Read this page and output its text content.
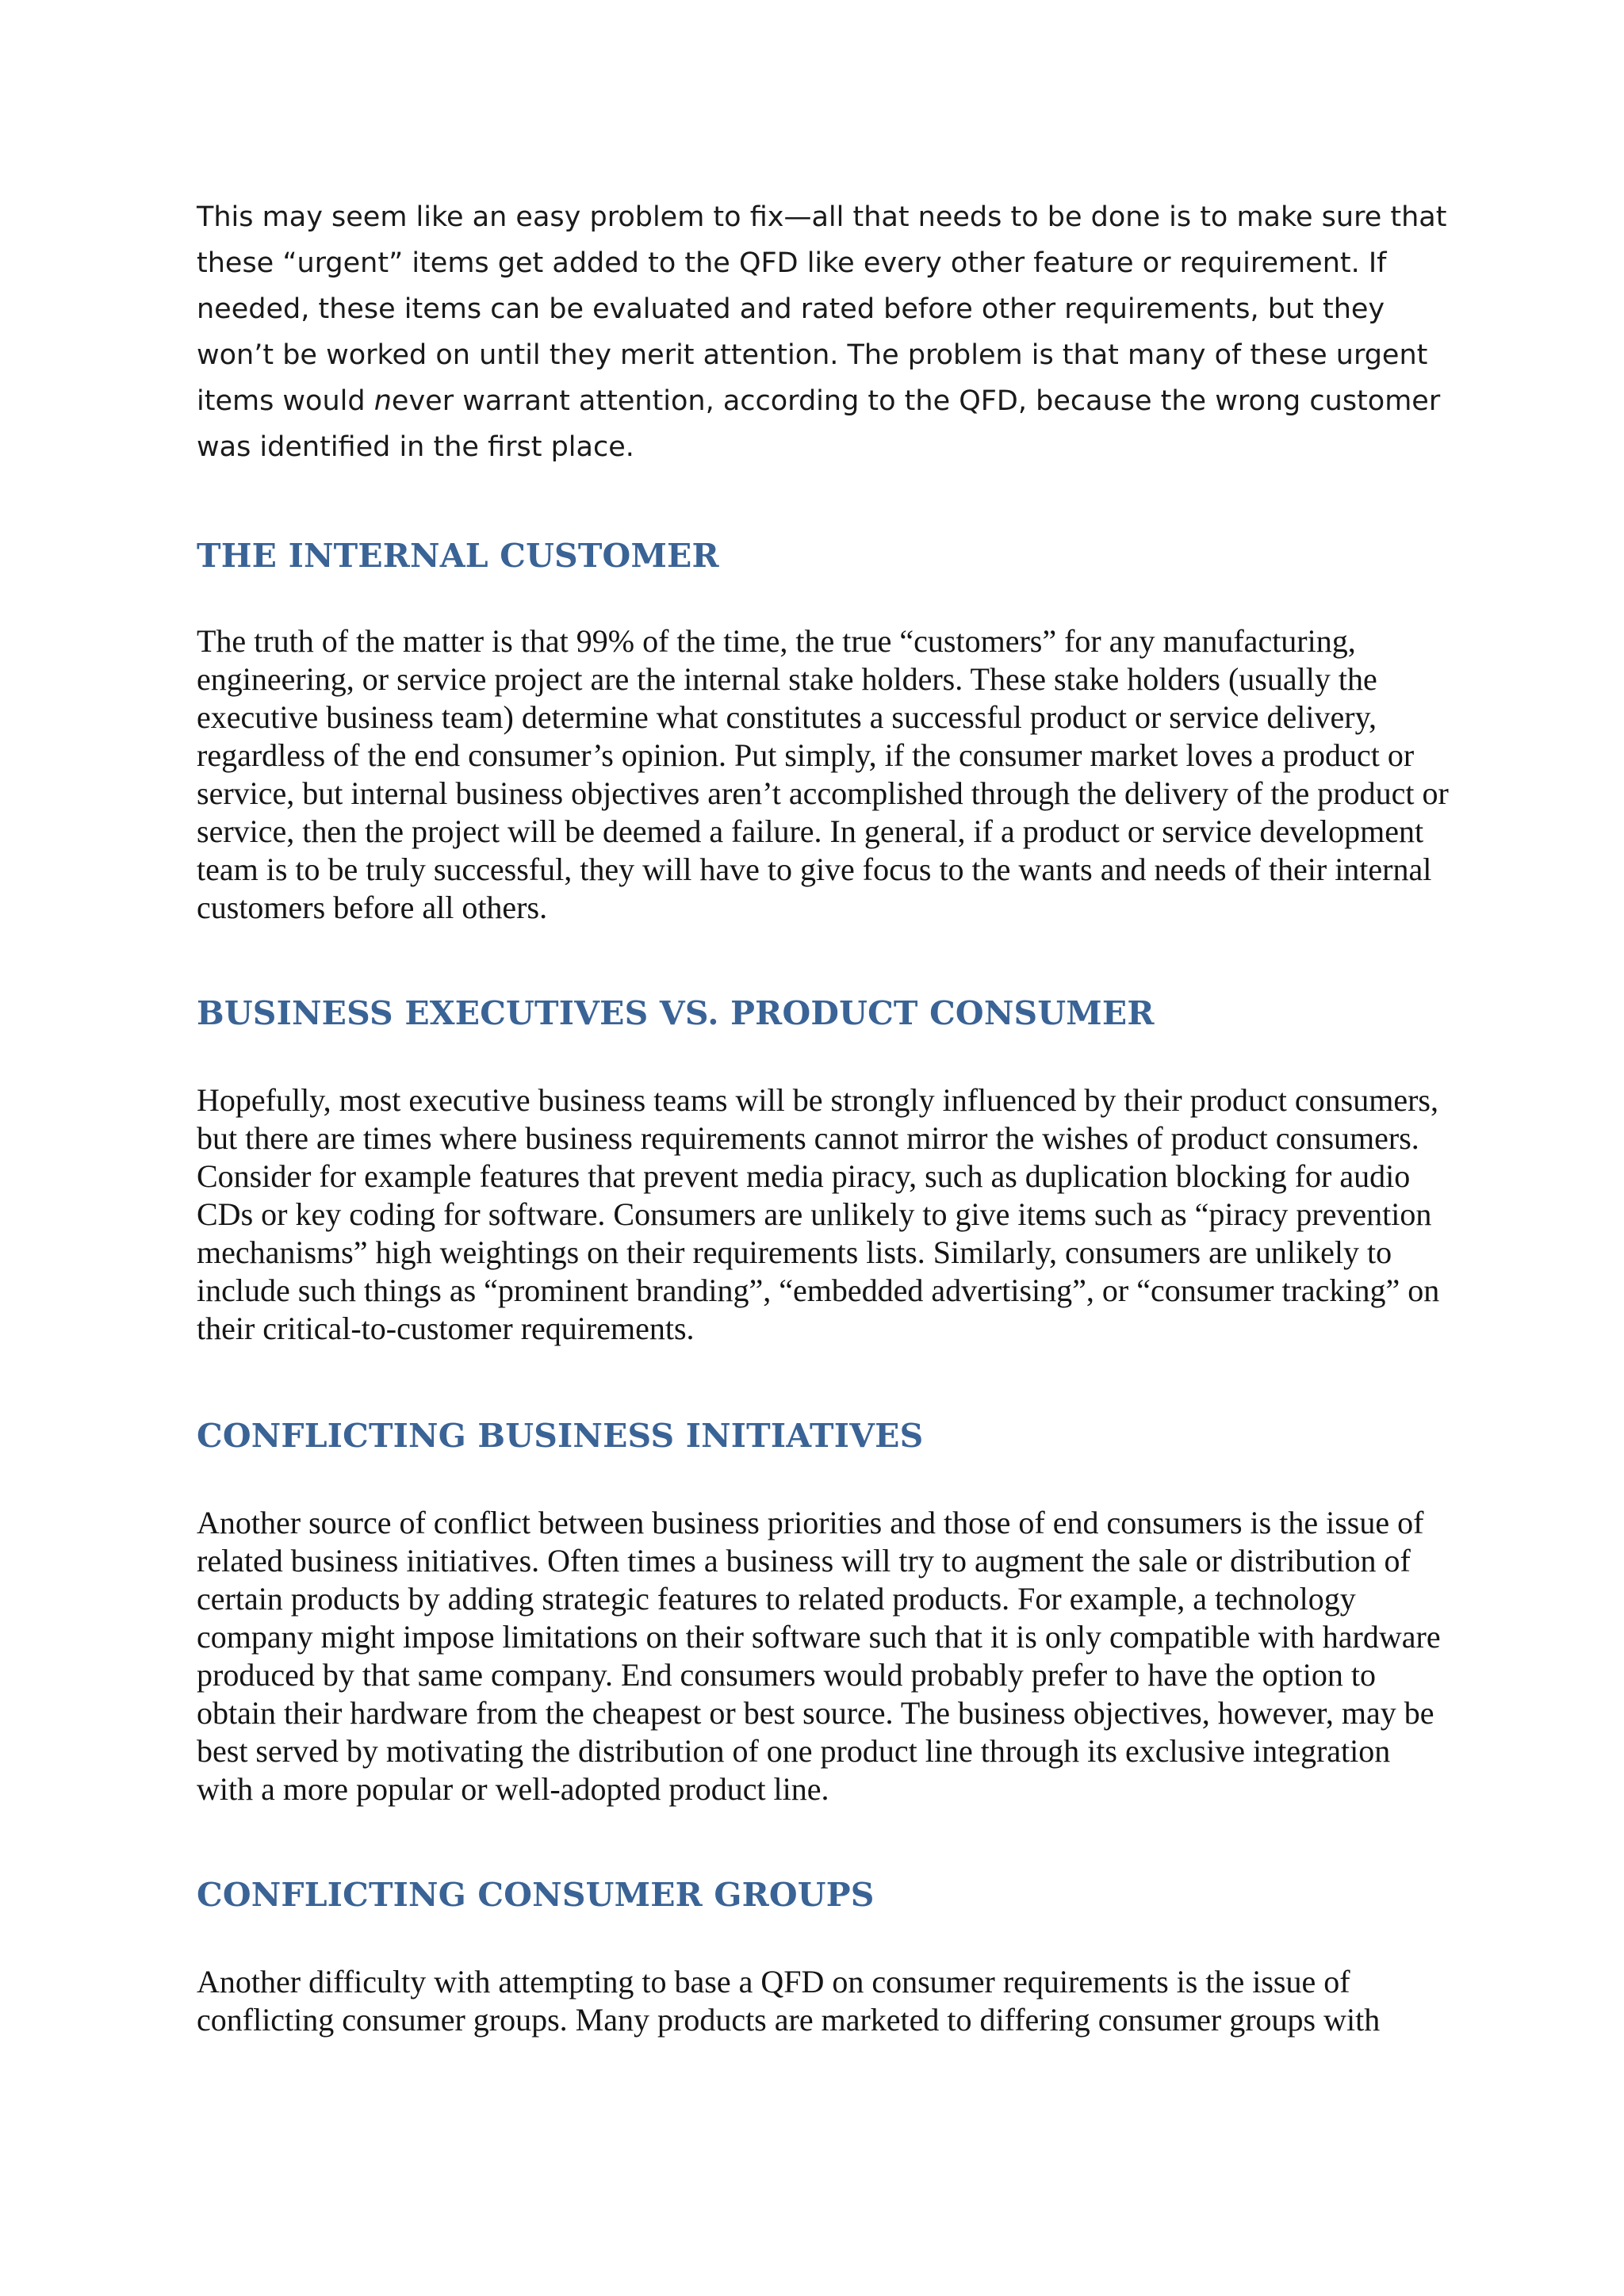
This may seem like an easy problem to fix—all that needs to be done is to make sure that these “urgent” items get added to the QFD like every other feature or requirement. If needed, these items can be evaluated and rated before other requirements, but they won’t be worked on until they merit attention. The problem is that many of these urgent items would never warrant attention, according to the QFD, because the wrong customer was identified in the first place.

THE INTERNAL CUSTOMER

The truth of the matter is that 99% of the time, the true “customers” for any manufacturing, engineering, or service project are the internal stake holders. These stake holders (usually the executive business team) determine what constitutes a successful product or service delivery, regardless of the end consumer’s opinion. Put simply, if the consumer market loves a product or service, but internal business objectives aren’t accomplished through the delivery of the product or service, then the project will be deemed a failure. In general, if a product or service development team is to be truly successful, they will have to give focus to the wants and needs of their internal customers before all others.

BUSINESS EXECUTIVES VS. PRODUCT CONSUMER

Hopefully, most executive business teams will be strongly influenced by their product consumers, but there are times where business requirements cannot mirror the wishes of product consumers. Consider for example features that prevent media piracy, such as duplication blocking for audio CDs or key coding for software. Consumers are unlikely to give items such as “piracy prevention mechanisms” high weightings on their requirements lists. Similarly, consumers are unlikely to include such things as “prominent branding”, “embedded advertising”, or “consumer tracking” on their critical-to-customer requirements.

CONFLICTING BUSINESS INITIATIVES

Another source of conflict between business priorities and those of end consumers is the issue of related business initiatives. Often times a business will try to augment the sale or distribution of certain products by adding strategic features to related products. For example, a technology company might impose limitations on their software such that it is only compatible with hardware produced by that same company. End consumers would probably prefer to have the option to obtain their hardware from the cheapest or best source. The business objectives, however, may be best served by motivating the distribution of one product line through its exclusive integration with a more popular or well-adopted product line.

CONFLICTING CONSUMER GROUPS

Another difficulty with attempting to base a QFD on consumer requirements is the issue of conflicting consumer groups. Many products are marketed to differing consumer groups with
